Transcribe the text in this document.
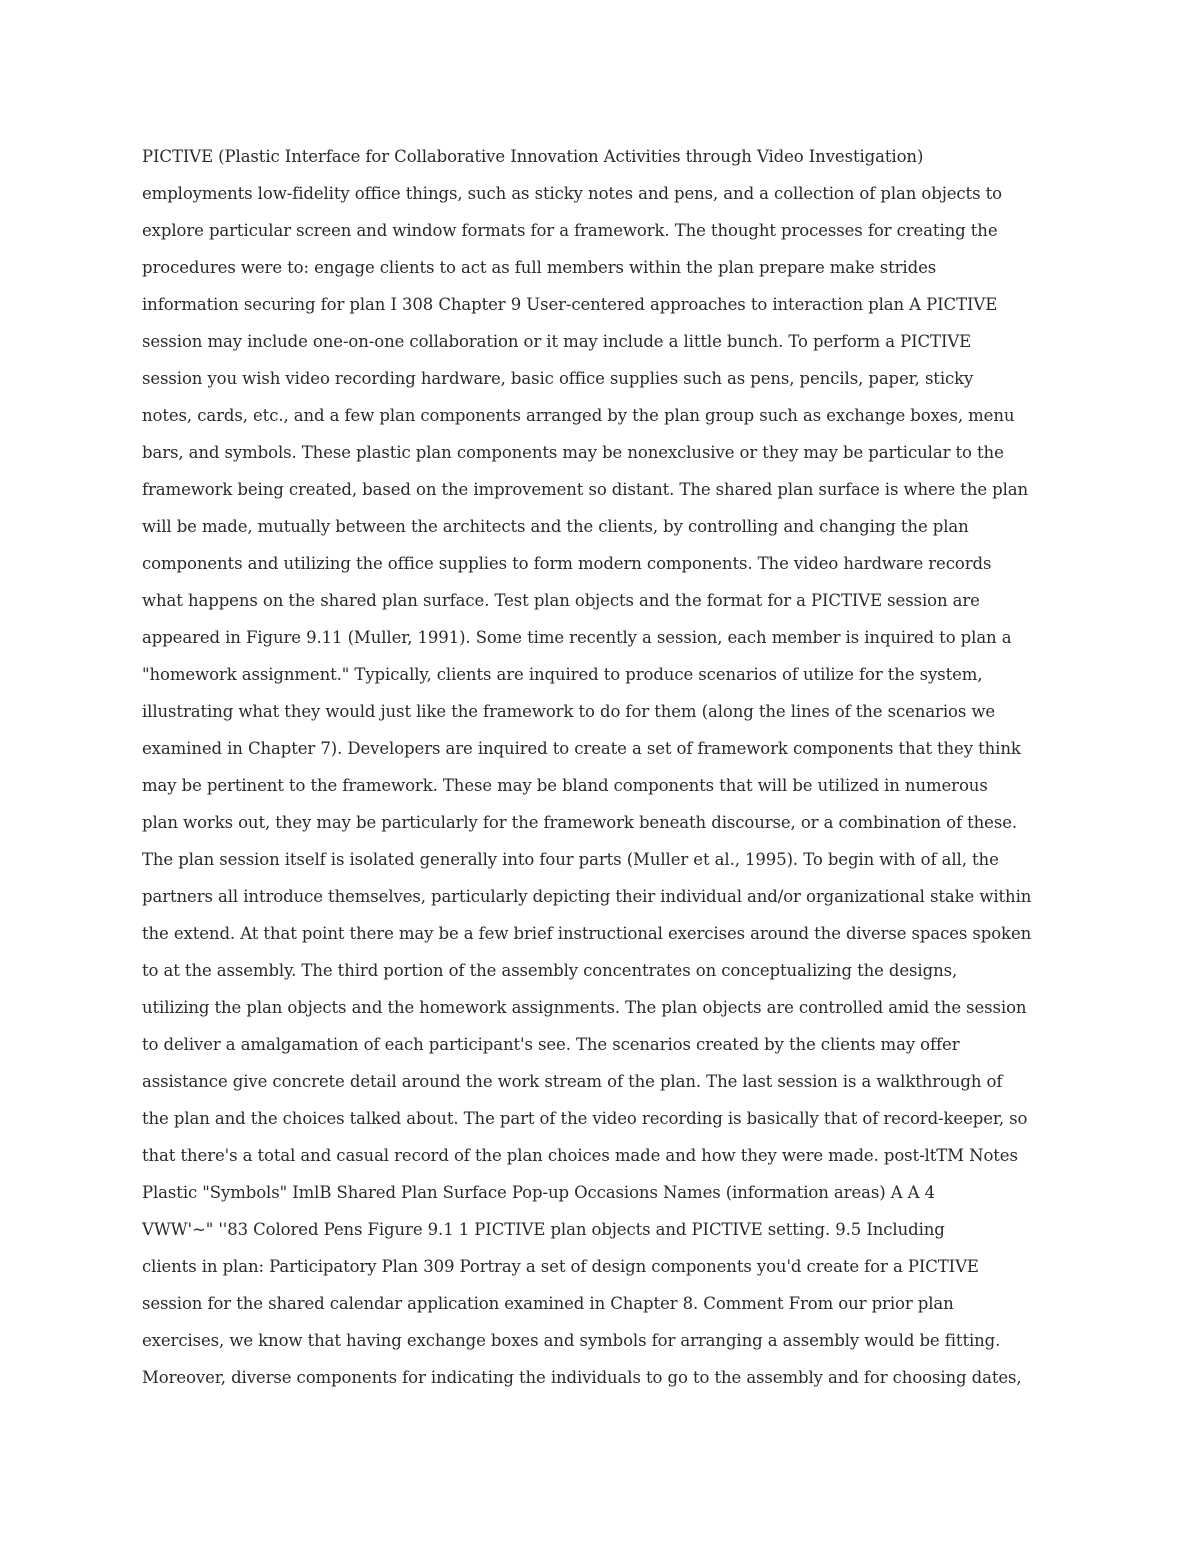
PICTIVE (Plastic Interface for Collaborative Innovation Activities through Video Investigation)
employments low-fidelity office things, such as sticky notes and pens, and a collection of plan objects to
explore particular screen and window formats for a framework. The thought processes for creating the
procedures were to: engage clients to act as full members within the plan prepare make strides
information securing for plan I 308 Chapter 9 User-centered approaches to interaction plan A PICTIVE
session may include one-on-one collaboration or it may include a little bunch. To perform a PICTIVE
session you wish video recording hardware, basic office supplies such as pens, pencils, paper, sticky
notes, cards, etc., and a few plan components arranged by the plan group such as exchange boxes, menu
bars, and symbols. These plastic plan components may be nonexclusive or they may be particular to the
framework being created, based on the improvement so distant. The shared plan surface is where the plan
will be made, mutually between the architects and the clients, by controlling and changing the plan
components and utilizing the office supplies to form modern components. The video hardware records
what happens on the shared plan surface. Test plan objects and the format for a PICTIVE session are
appeared in Figure 9.11 (Muller, 1991). Some time recently a session, each member is inquired to plan a
"homework assignment." Typically, clients are inquired to produce scenarios of utilize for the system,
illustrating what they would just like the framework to do for them (along the lines of the scenarios we
examined in Chapter 7). Developers are inquired to create a set of framework components that they think
may be pertinent to the framework. These may be bland components that will be utilized in numerous
plan works out, they may be particularly for the framework beneath discourse, or a combination of these.
The plan session itself is isolated generally into four parts (Muller et al., 1995). To begin with of all, the
partners all introduce themselves, particularly depicting their individual and/or organizational stake within
the extend. At that point there may be a few brief instructional exercises around the diverse spaces spoken
to at the assembly. The third portion of the assembly concentrates on conceptualizing the designs,
utilizing the plan objects and the homework assignments. The plan objects are controlled amid the session
to deliver a amalgamation of each participant's see. The scenarios created by the clients may offer
assistance give concrete detail around the work stream of the plan. The last session is a walkthrough of
the plan and the choices talked about. The part of the video recording is basically that of record-keeper, so
that there's a total and casual record of the plan choices made and how they were made. post-ltTM Notes
Plastic "Symbols" ImlB Shared Plan Surface Pop-up Occasions Names (information areas) A A 4
VWW'~" ''83 Colored Pens Figure 9.1 1 PICTIVE plan objects and PICTIVE setting. 9.5 Including
clients in plan: Participatory Plan 309 Portray a set of design components you'd create for a PICTIVE
session for the shared calendar application examined in Chapter 8. Comment From our prior plan
exercises, we know that having exchange boxes and symbols for arranging a assembly would be fitting.
Moreover, diverse components for indicating the individuals to go to the assembly and for choosing dates,
